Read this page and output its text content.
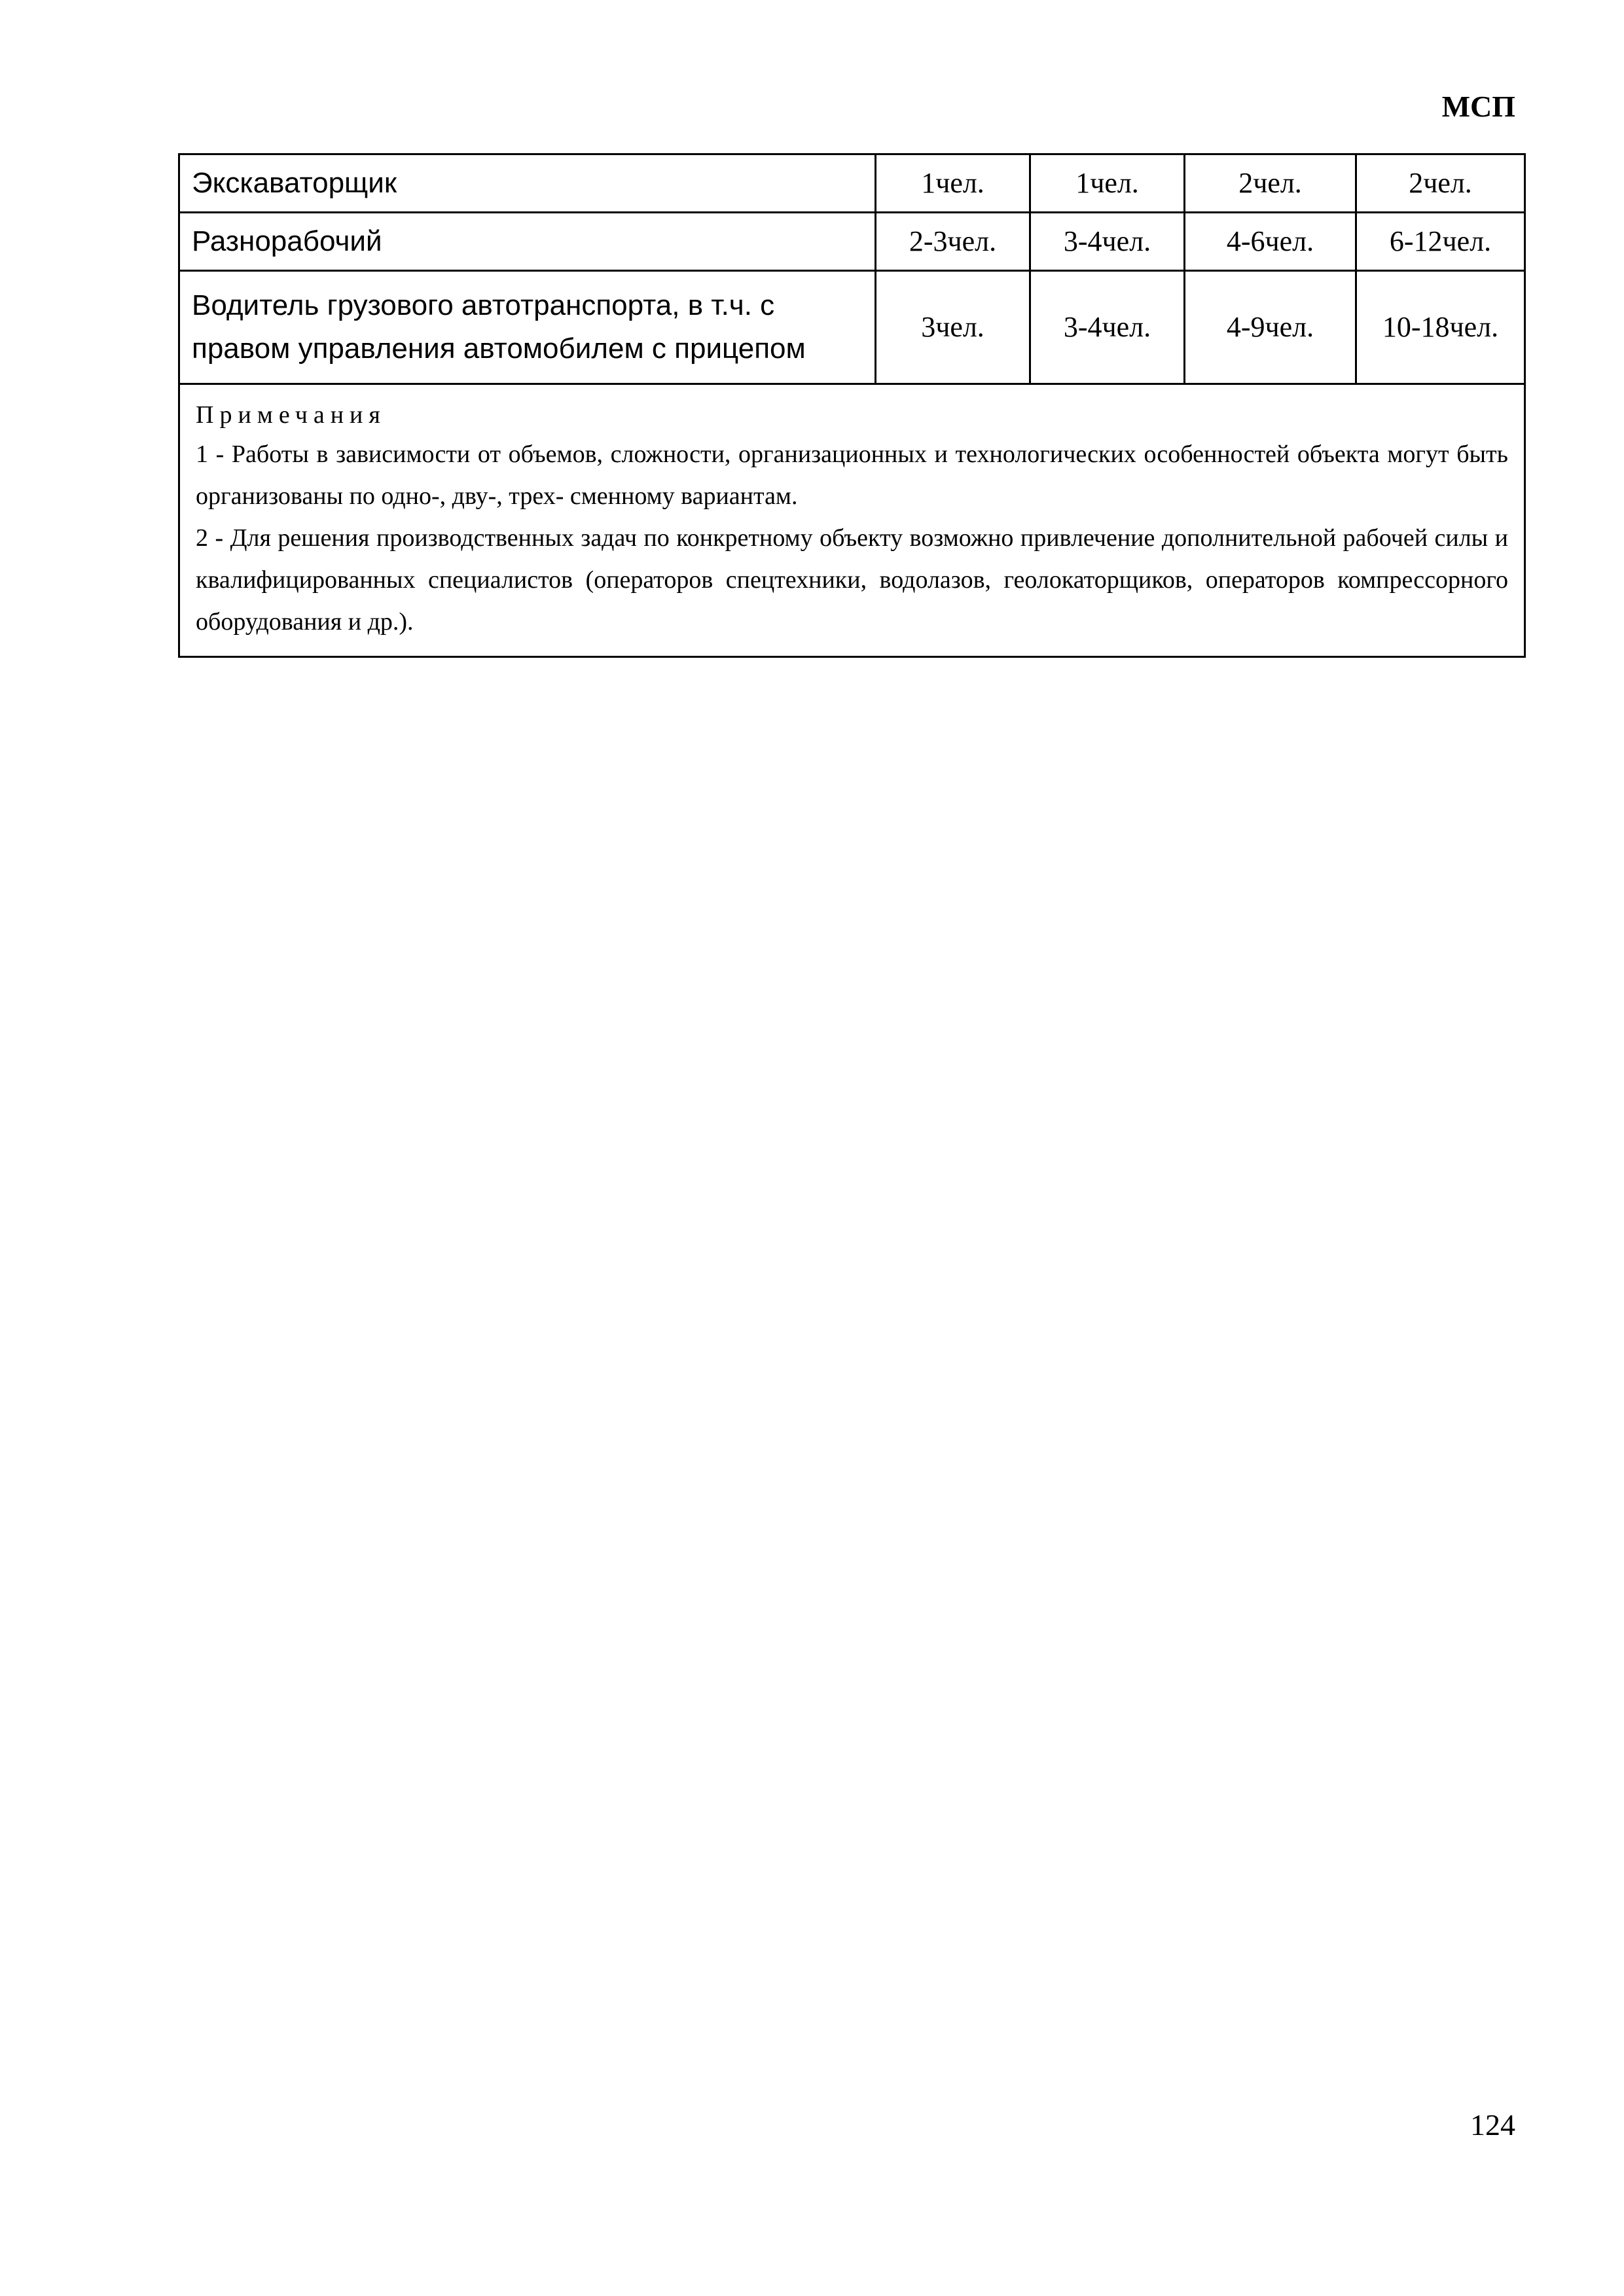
МСП
Экскаваторщик	1чел.	1чел.	2чел.	2чел.
Разнорабочий	2-3чел.	3-4чел.	4-6чел.	6-12чел.

Водитель грузового автотранспорта, в т.ч. с
правом управления автомобилем с прицепом	3чел.	3-4чел.	4-9чел.	10-18чел.

Примечания
1 - Работы в зависимости от объемов, сложности, организационных и технологических особенностей объекта могут быть организованы по одно-, дву-, трех- сменному вариантам.
2 - Для решения производственных задач по конкретному объекту возможно привлечение дополнительной рабочей силы и квалифицированных специалистов (операторов спецтехники, водолазов, геолокаторщиков, операторов компрессорного оборудования и др.).				
124
